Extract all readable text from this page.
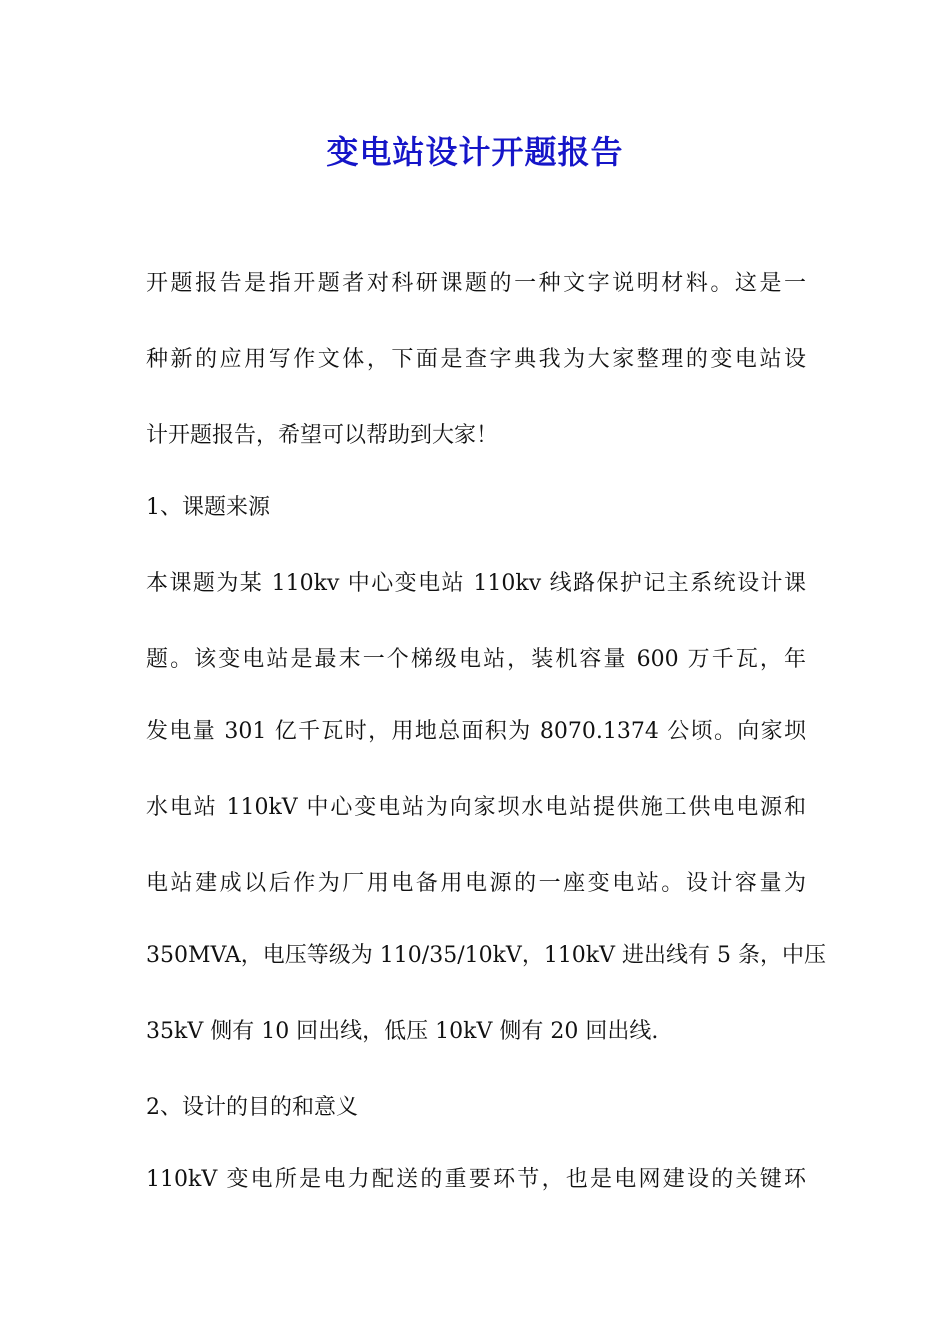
变电站设计开题报告
开题报告是指开题者对科研课题的一种文字说明材料。这是一
种新的应用写作文体，下面是查字典我为大家整理的变电站设
计开题报告，希望可以帮助到大家！
1、课题来源
本课题为某 110kv 中心变电站 110kv 线路保护记主系统设计课
题。该变电站是最末一个梯级电站，装机容量 600 万千瓦，年
发电量 301 亿千瓦时，用地总面积为 8070.1374 公顷。向家坝
水电站 110kV 中心变电站为向家坝水电站提供施工供电电源和
电站建成以后作为厂用电备用电源的一座变电站。设计容量为
350MVA，电压等级为 110/35/10kV，110kV 进出线有 5 条，中压
35kV 侧有 10 回出线，低压 10kV 侧有 20 回出线.
2、设计的目的和意义
110kV 变电所是电力配送的重要环节，也是电网建设的关键环
